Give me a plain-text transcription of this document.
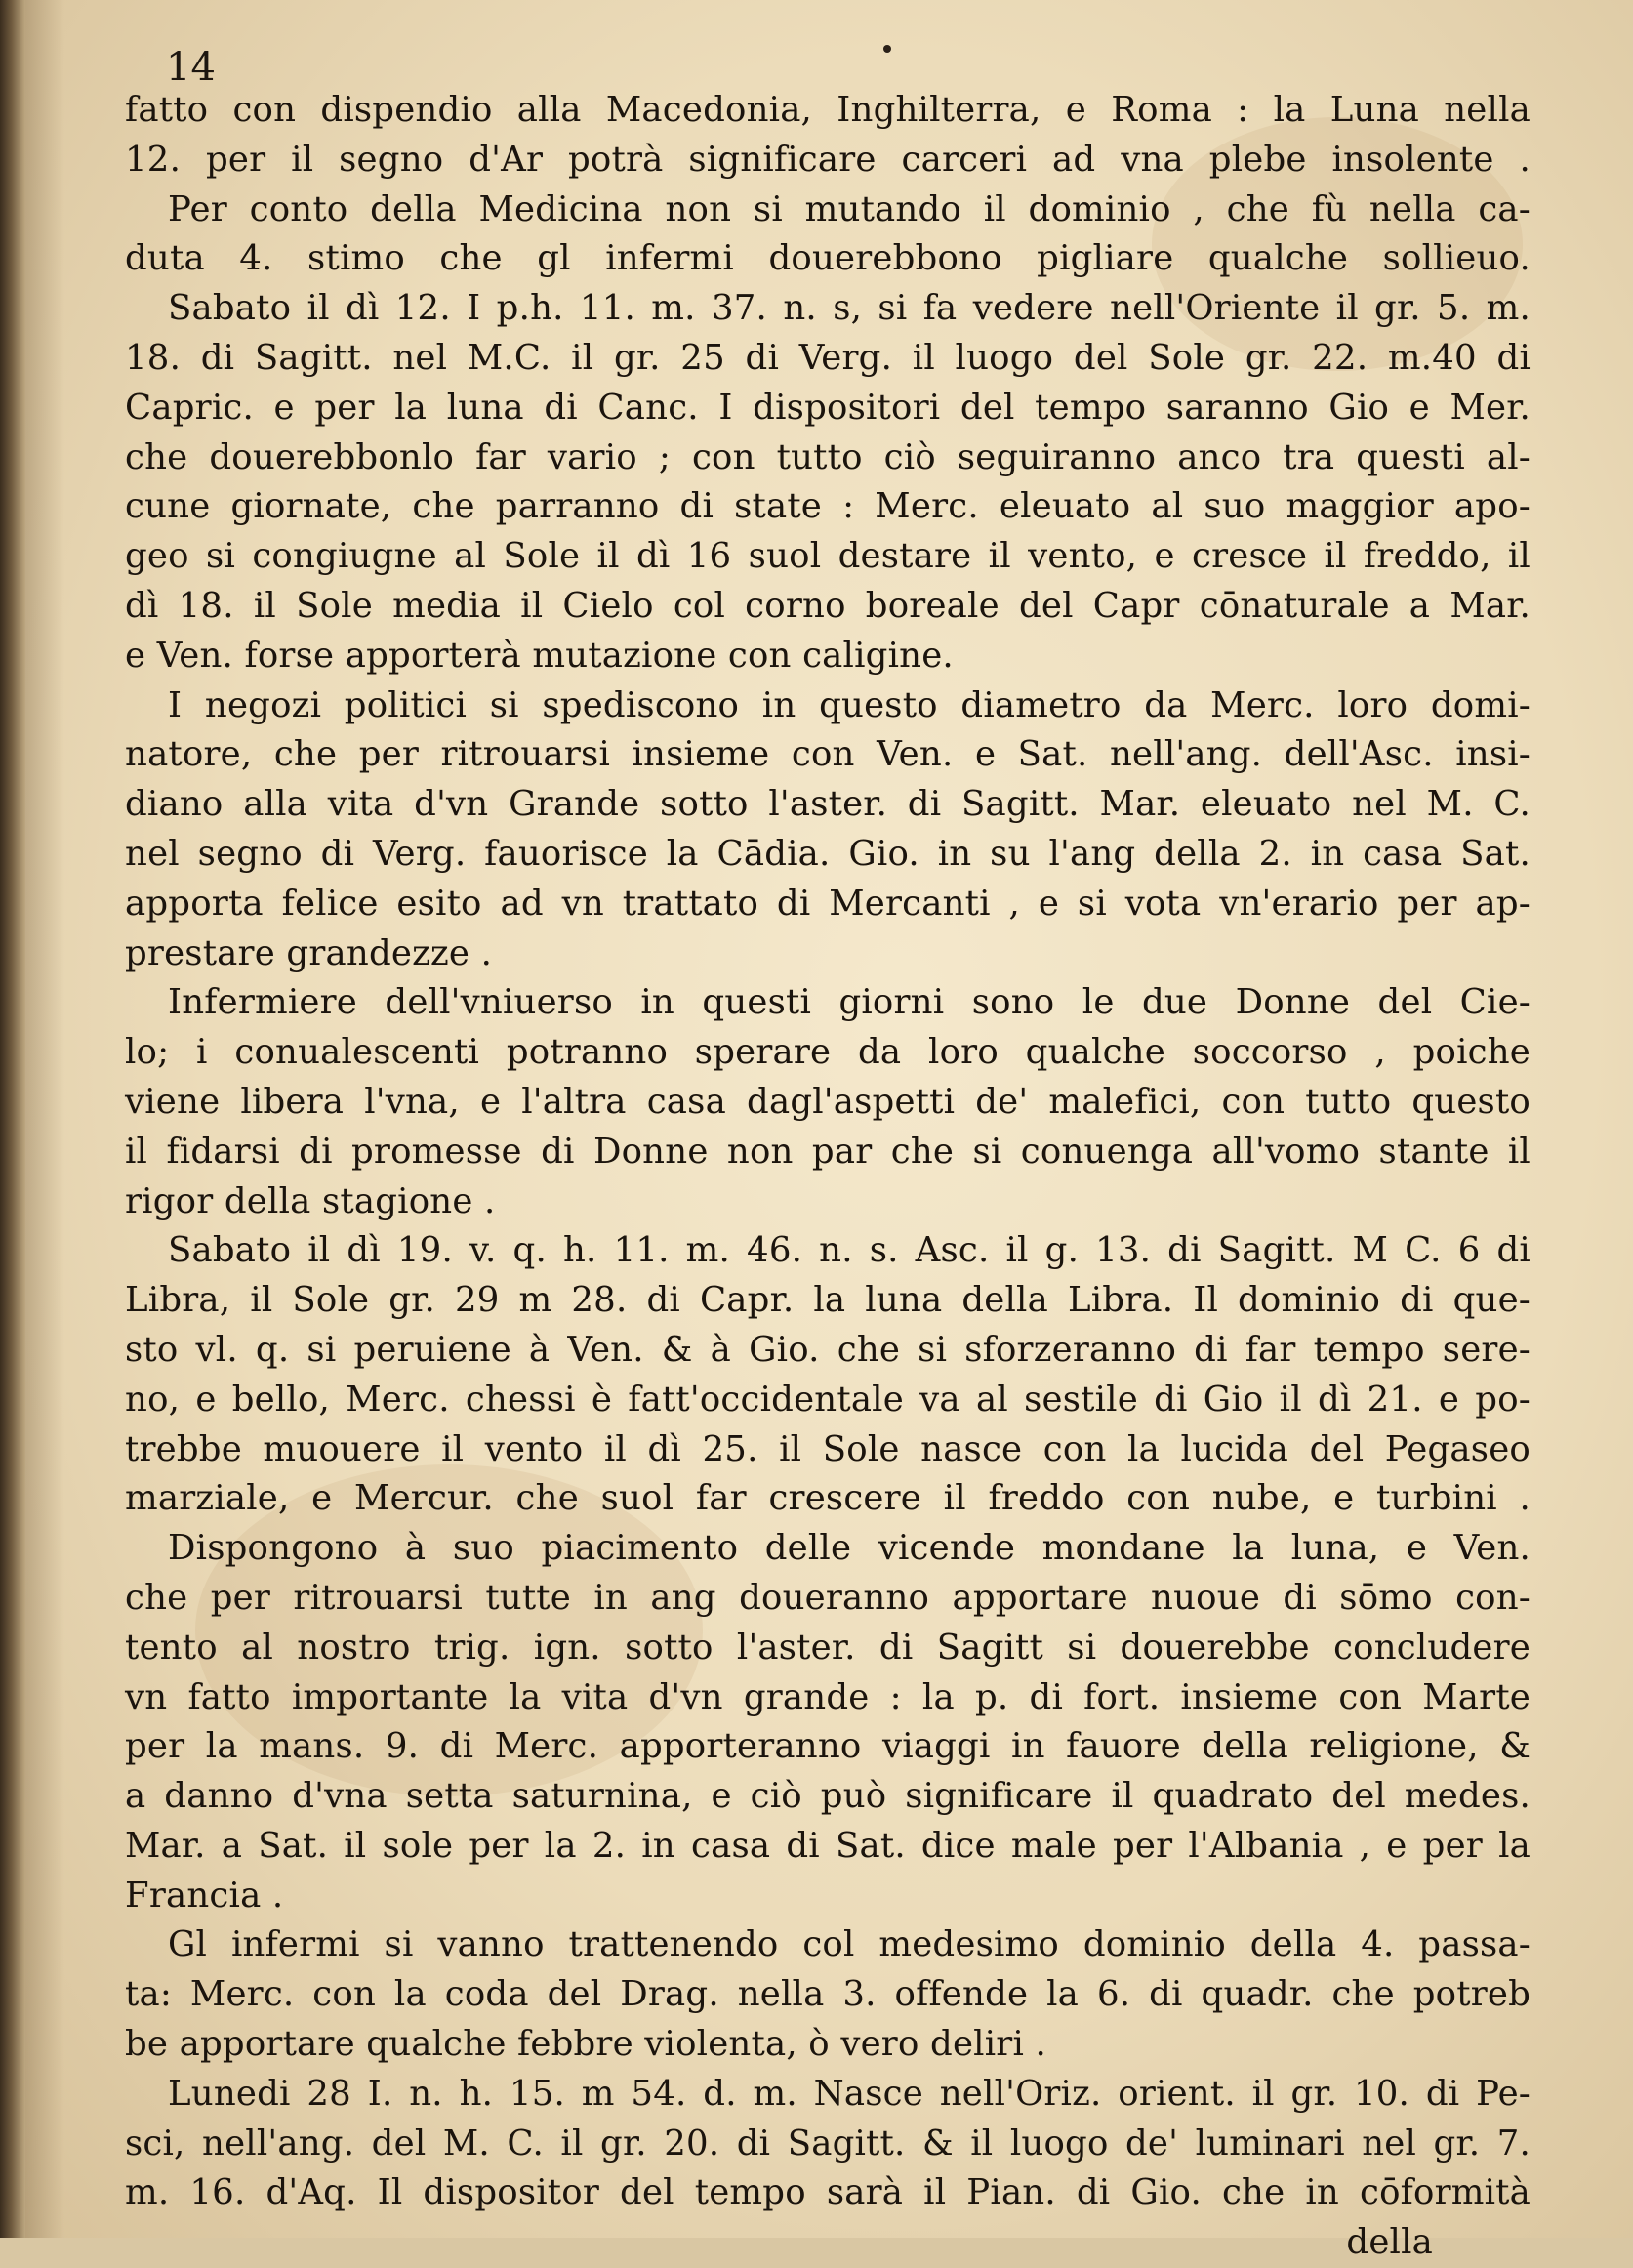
14
fatto con dispendio alla Macedonia, Inghilterra, e Roma : la Luna nella
12. per il segno d'Ar potrà significare carceri ad vna plebe insolente .
Per conto della Medicina non si mutando il dominio , che fù nella ca-
duta 4. stimo che gl infermi douerebbono pigliare qualche sollieuo.
Sabato il dì 12. I p.h. 11. m. 37. n. s, si fa vedere nell'Oriente il gr. 5. m.
18. di Sagitt. nel M.C. il gr. 25 di Verg. il luogo del Sole gr. 22. m.40 di
Capric. e per la luna di Canc. I dispositori del tempo saranno Gio e Mer.
che douerebbonlo far vario ; con tutto ciò seguiranno anco tra questi al-
cune giornate, che parranno di state : Merc. eleuato al suo maggior apo-
geo si congiugne al Sole il dì 16 suol destare il vento, e cresce il freddo, il
dì 18. il Sole media il Cielo col corno boreale del Capr cōnaturale a Mar.
e Ven. forse apporterà mutazione con caligine.
I negozi politici si spediscono in questo diametro da Merc. loro domi-
natore, che per ritrouarsi insieme con Ven. e Sat. nell'ang. dell'Asc. insi-
diano alla vita d'vn Grande sotto l'aster. di Sagitt. Mar. eleuato nel M. C.
nel segno di Verg. fauorisce la Cādia. Gio. in su l'ang della 2. in casa Sat.
apporta felice esito ad vn trattato di Mercanti , e si vota vn'erario per ap-
prestare grandezze .
Infermiere dell'vniuerso in questi giorni sono le due Donne del Cie-
lo; i conualescenti potranno sperare da loro qualche soccorso , poiche
viene libera l'vna, e l'altra casa dagl'aspetti de' malefici, con tutto questo
il fidarsi di promesse di Donne non par che si conuenga all'vomo stante il
rigor della stagione .
Sabato il dì 19. v. q. h. 11. m. 46. n. s. Asc. il g. 13. di Sagitt. M C. 6 di
Libra, il Sole gr. 29 m 28. di Capr. la luna della Libra. Il dominio di que-
sto vl. q. si peruiene à Ven. & à Gio. che si sforzeranno di far tempo sere-
no, e bello, Merc. chessi è fatt'occidentale va al sestile di Gio il dì 21. e po-
trebbe muouere il vento il dì 25. il Sole nasce con la lucida del Pegaseo
marziale, e Mercur. che suol far crescere il freddo con nube, e turbini .
Dispongono à suo piacimento delle vicende mondane la luna, e Ven.
che per ritrouarsi tutte in ang doueranno apportare nuoue di sōmo con-
tento al nostro trig. ign. sotto l'aster. di Sagitt si douerebbe concludere
vn fatto importante la vita d'vn grande : la p. di fort. insieme con Marte
per la mans. 9. di Merc. apporteranno viaggi in fauore della religione, &
a danno d'vna setta saturnina, e ciò può significare il quadrato del medes.
Mar. a Sat. il sole per la 2. in casa di Sat. dice male per l'Albania , e per la
Francia .
Gl infermi si vanno trattenendo col medesimo dominio della 4. passa-
ta: Merc. con la coda del Drag. nella 3. offende la 6. di quadr. che potreb
be apportare qualche febbre violenta, ò vero deliri .
Lunedi 28 I. n. h. 15. m 54. d. m. Nasce nell'Oriz. orient. il gr. 10. di Pe-
sci, nell'ang. del M. C. il gr. 20. di Sagitt. & il luogo de' luminari nel gr. 7.
m. 16. d'Aq. Il dispositor del tempo sarà il Pian. di Gio. che in cōformità
della
